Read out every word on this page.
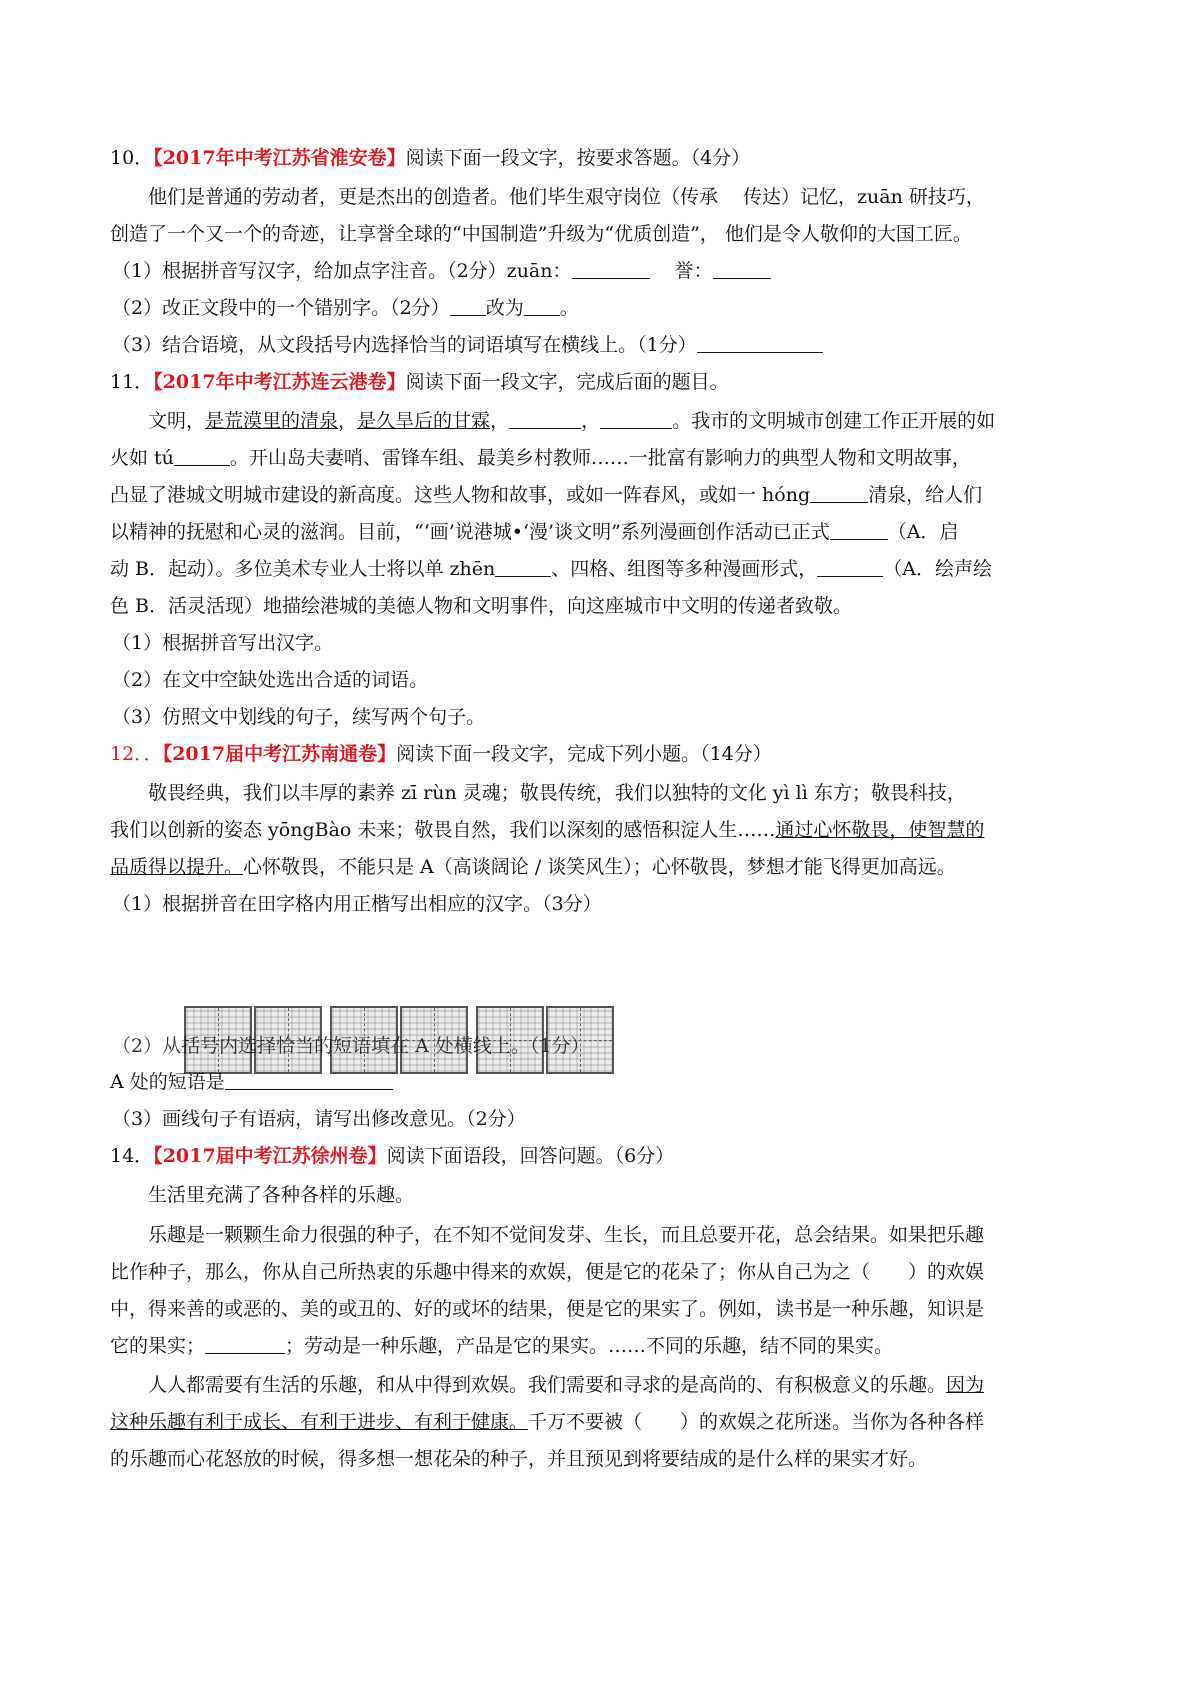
10．【2017年中考江苏省淮安卷】阅读下面一段文字，按要求答题。（4分）
他们是普通的劳动者，更是杰出的创造者。他们毕生艰守岗位（传承　 传达）记忆，zuān 研技巧，
创造了一个又一个的奇迹，让享誉全球的“中国制造”升级为“优质创造”， 他们是令人敬仰的大国工匠。
（1）根据拼音写汉字，给加点字注音。（2分）zuān：	　 誉：
（2）改正文段中的一个错别字。（2分） 改为 。
（3）结合语境，从文段括号内选择恰当的词语填写在横线上。（1分）
11．【2017年中考江苏连云港卷】阅读下面一段文字，完成后面的题目。
文明，是荒漠里的清泉，是久旱后的甘霖，	，	。我市的文明城市创建工作正开展的如
火如 tú	。开山岛夫妻哨、雷锋车组、最美乡村教师……一批富有影响力的典型人物和文明故事，
凸显了港城文明城市建设的新高度。这些人物和故事，或如一阵春风，或如一 hóng	清泉，给人们
以精神的抚慰和心灵的滋润。目前，“‘画’说港城•‘漫’谈文明”系列漫画创作活动已正式	（A．启
动 B．起动）。多位美术专业人士将以单 zhēn	、四格、组图等多种漫画形式，	（A．绘声绘
色 B．活灵活现）地描绘港城的美德人物和文明事件，向这座城市中文明的传递者致敬。
（1）根据拼音写出汉字。
（2）在文中空缺处选出合适的词语。
（3）仿照文中划线的句子，续写两个句子。
12．．【2017届中考江苏南通卷】阅读下面一段文字，完成下列小题。（14分）
敬畏经典，我们以丰厚的素养 zī rùn 灵魂；敬畏传统，我们以独特的文化 yì lì 东方；敬畏科技，
我们以创新的姿态 yōngBào 未来；敬畏自然，我们以深刻的感悟积淀人生……通过心怀敬畏，使智慧的
品质得以提升。心怀敬畏，不能只是 A（高谈阔论 / 谈笑风生）；心怀敬畏，梦想才能飞得更加高远。
（1）根据拼音在田字格内用正楷写出相应的汉字。（3分）
（2）从括号内选择恰当的短语填在 A 处横线上。（1分）
A 处的短语是
（3）画线句子有语病，请写出修改意见。（2分）
14．【2017届中考江苏徐州卷】阅读下面语段，回答问题。（6分）
生活里充满了各种各样的乐趣。
乐趣是一颗颗生命力很强的种子，在不知不觉间发芽、生长，而且总要开花，总会结果。如果把乐趣
比作种子，那么，你从自己所热衷的乐趣中得来的欢娱，便是它的花朵了；你从自己为之（　　）的欢娱
中，得来善的或恶的、美的或丑的、好的或坏的结果，便是它的果实了。例如，读书是一种乐趣，知识是
它的果实；	；劳动是一种乐趣，产品是它的果实。……不同的乐趣，结不同的果实。
人人都需要有生活的乐趣，和从中得到欢娱。我们需要和寻求的是高尚的、有积极意义的乐趣。因为
这种乐趣有利于成长、有利于进步、有利于健康。千万不要被（　　）的欢娱之花所迷。当你为各种各样
的乐趣而心花怒放的时候，得多想一想花朵的种子，并且预见到将要结成的是什么样的果实才好。
